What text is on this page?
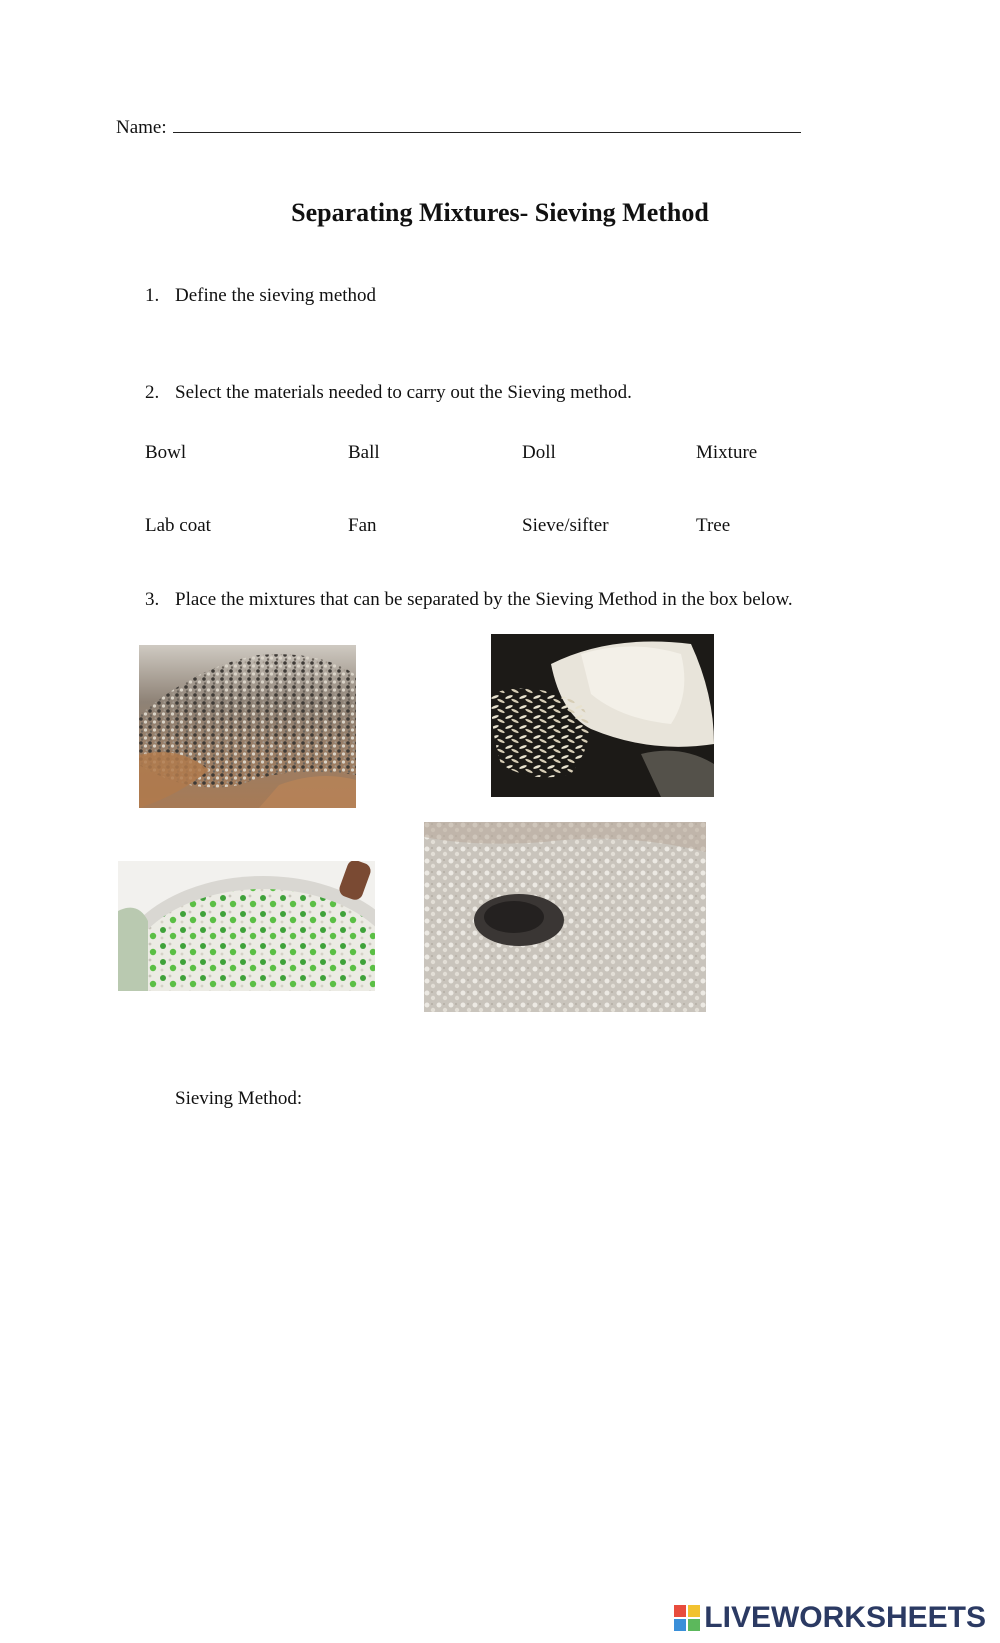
Name:
Separating Mixtures- Sieving Method
1. Define the sieving method
2. Select the materials needed to carry out the Sieving method.
Bowl	Ball	Doll	Mixture
Lab coat	Fan	Sieve/sifter	Tree
3. Place the mixtures that can be separated by the Sieving Method in the box below.
Sieving Method:
LIVEWORKSHEETS
